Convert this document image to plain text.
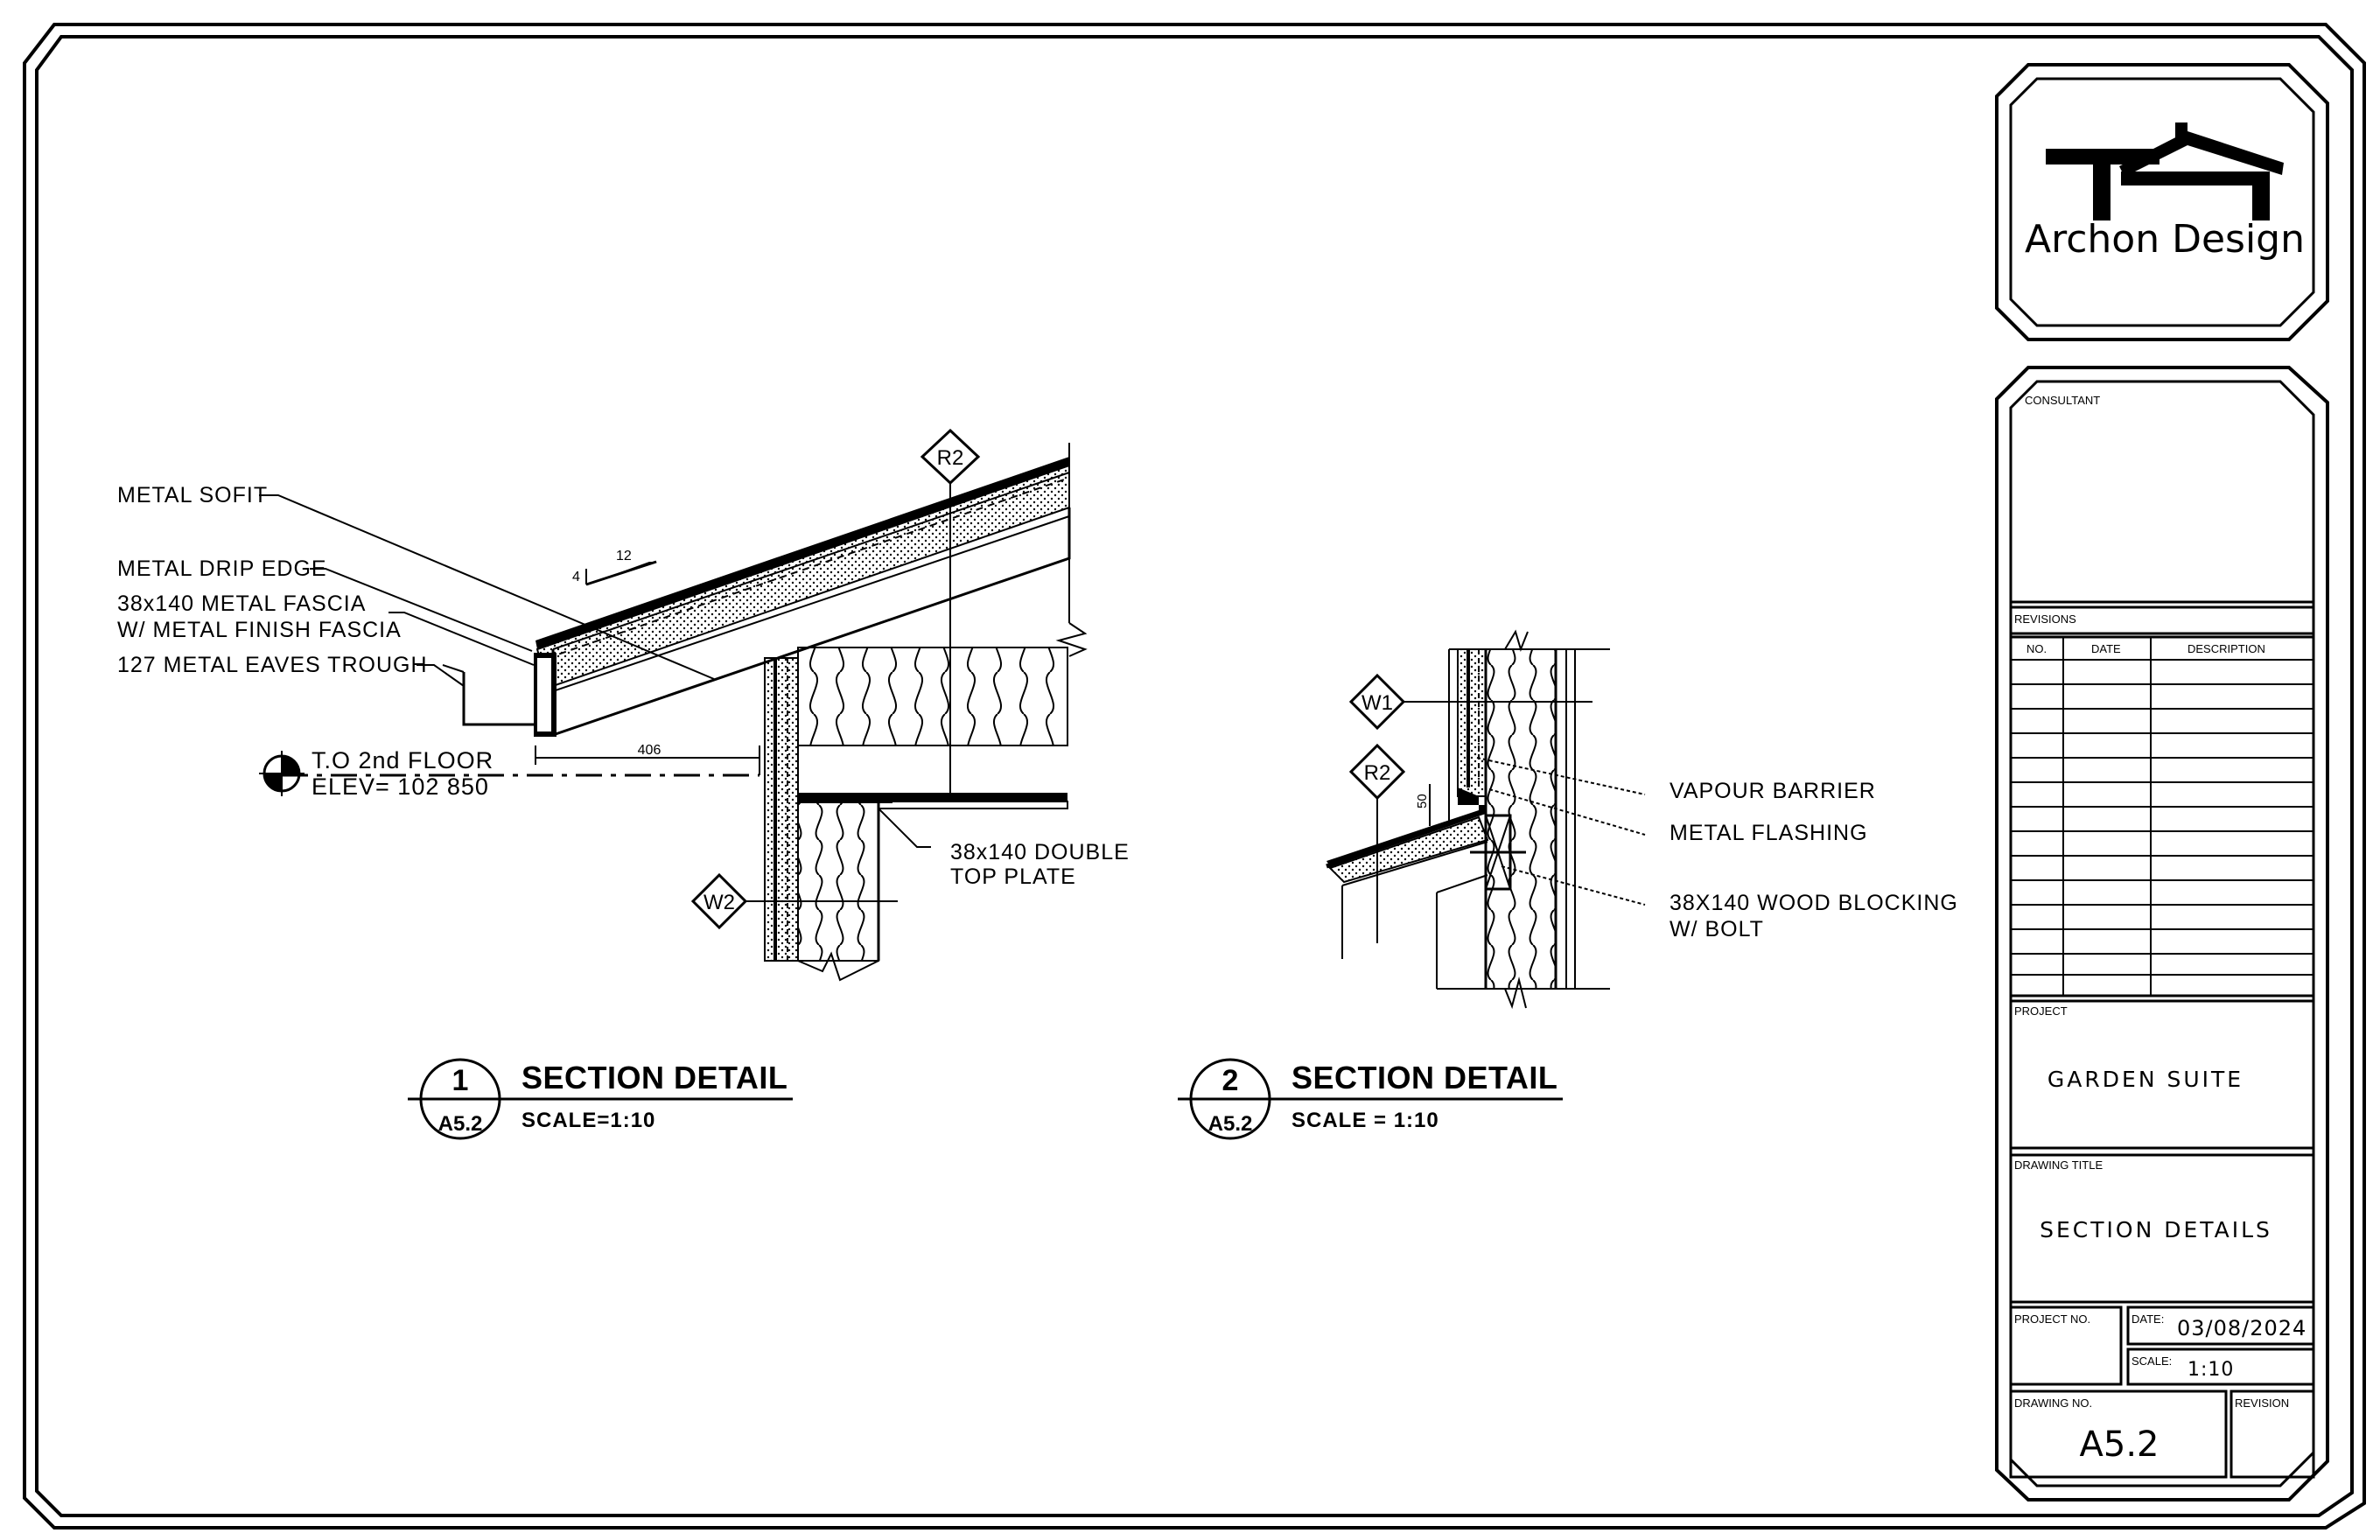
Archon Design
CONSULTANT
REVISIONS
NO.	DATE	DESCRIPTION
PROJECT
GARDEN SUITE
DRAWING TITLE
SECTION DETAILS
PROJECT NO.	DATE: 03/08/2024
SCALE: 1:10
DRAWING NO.
A5.2
REVISION
406
12
4
R2
W2
METAL SOFIT
METAL DRIP EDGE
38x140 METAL FASCIA
W/ METAL FINISH FASCIA
127 METAL EAVES TROUGH
T.O 2nd FLOOR
ELEV= 102 850
38x140 DOUBLE
TOP PLATE
1
A5.2
SECTION DETAIL
SCALE=1:10
W1
R2
50	VAPOUR BARRIER
METAL FLASHING
38X140 WOOD BLOCKING
W/ BOLT
2
A5.2
SECTION DETAIL
SCALE = 1:10
